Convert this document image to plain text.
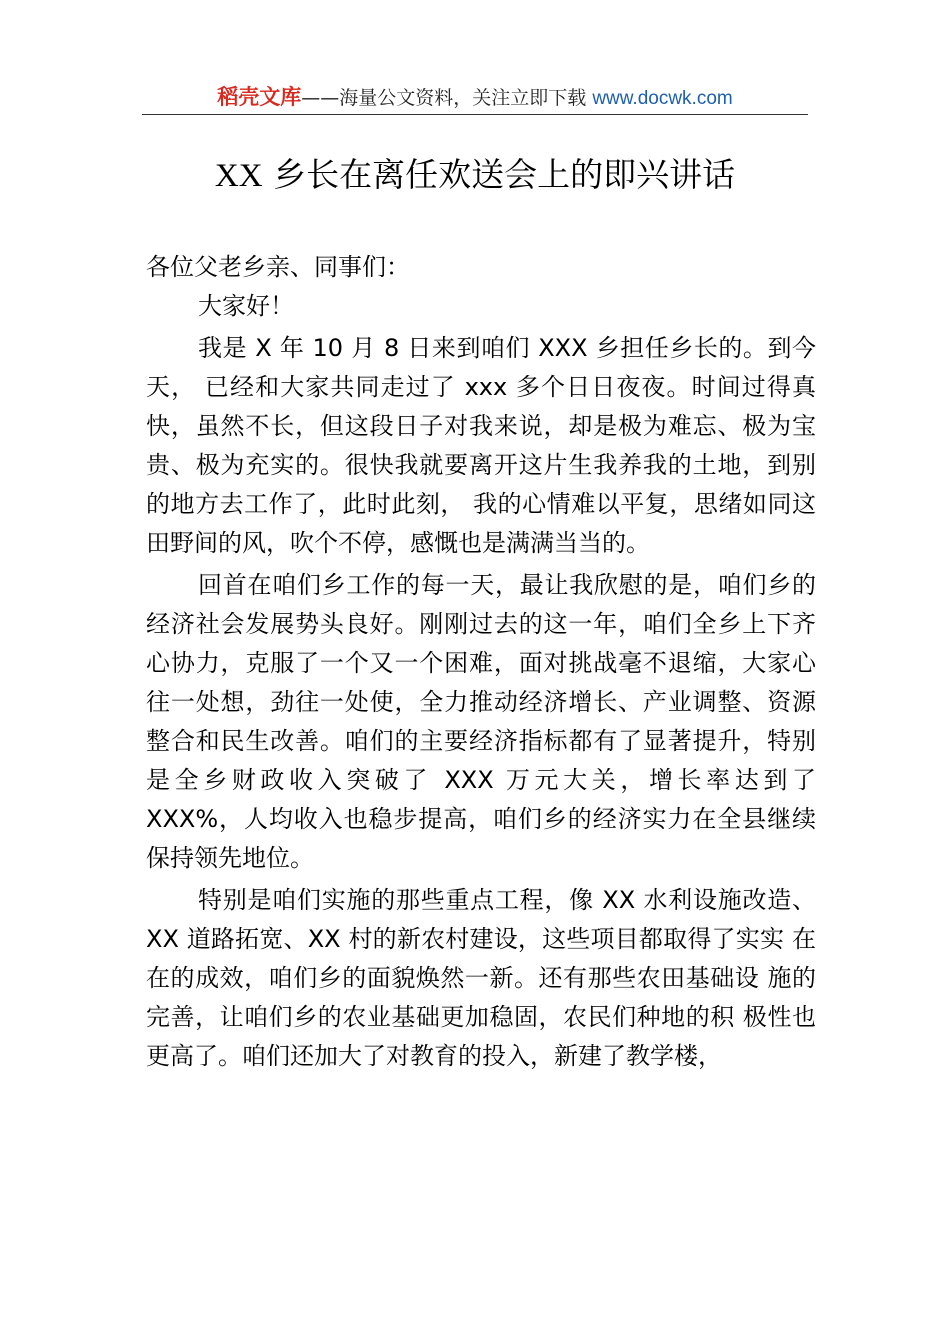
稻壳文库——海量公文资料，关注立即下载 www.docwk.com
XX 乡长在离任欢送会上的即兴讲话

各位父老乡亲、同事们：

大家好！

我是 X 年 10 月 8 日来到咱们 XXX 乡担任乡长的。到今天， 已经和大家共同走过了 xxx 多个日日夜夜。时间过得真快，虽然不长，但这段日子对我来说，却是极为难忘、极为宝贵、极为充实的。很快我就要离开这片生我养我的土地，到别的地方去工作了，此时此刻， 我的心情难以平复，思绪如同这田野间的风，吹个不停，感慨也是满满当当的。

回首在咱们乡工作的每一天，最让我欣慰的是，咱们乡的经济社会发展势头良好。刚刚过去的这一年，咱们全乡上下齐心协力，克服了一个又一个困难，面对挑战毫不退缩，大家心往一处想，劲往一处使，全力推动经济增长、产业调整、资源整合和民生改善。咱们的主要经济指标都有了显著提升，特别是全乡财政收入突破了 XXX 万元大关，增长率达到了 XXX%，人均收入也稳步提高，咱们乡的经济实力在全县继续保持领先地位。

特别是咱们实施的那些重点工程，像 XX 水利设施改造、 XX 道路拓宽、XX 村的新农村建设，这些项目都取得了实实 在在的成效，咱们乡的面貌焕然一新。还有那些农田基础设 施的完善，让咱们乡的农业基础更加稳固，农民们种地的积 极性也更高了。咱们还加大了对教育的投入，新建了教学楼，
